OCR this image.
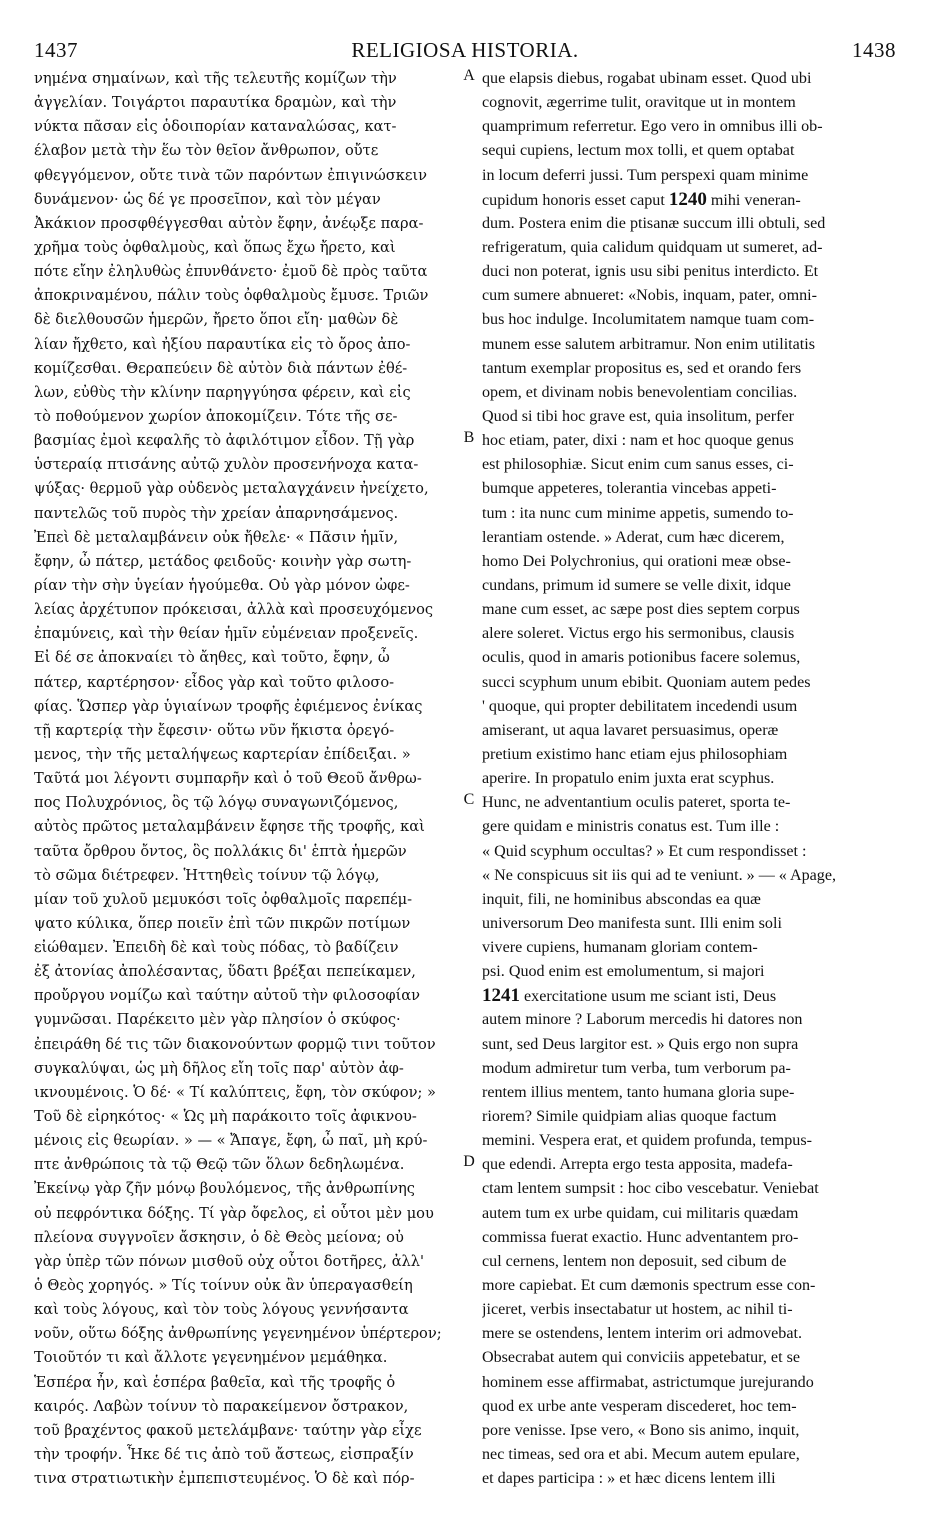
1437	RELIGIOSA HISTORIA.	1438
νημένα σημαίνων, καὶ τῆς τελευτῆς κομίζων τὴν
ἀγγελίαν. Τοιγάρτοι παραυτίκα δραμὼν, καὶ τὴν
νύκτα πᾶσαν εἰς ὁδοιπορίαν καταναλώσας, κατ-
έλαβον μετὰ τὴν ἕω τὸν θεῖον ἄνθρωπον, οὔτε
φθεγγόμενον, οὔτε τινὰ τῶν παρόντων ἐπιγινώσκειν
δυνάμενον· ὡς δέ γε προσεῖπον, καὶ τὸν μέγαν
Ἀκάκιον προσφθέγγεσθαι αὐτὸν ἔφην, ἀνέῳξε παρα-
χρῆμα τοὺς ὀφθαλμοὺς, καὶ ὅπως ἔχω ἤρετο, καὶ
πότε εἴην ἐληλυθὼς ἐπυνθάνετο· ἐμοῦ δὲ πρὸς ταῦτα
ἀποκριναμένου, πάλιν τοὺς ὀφθαλμοὺς ἔμυσε. Τριῶν
δὲ διελθουσῶν ἡμερῶν, ἤρετο ὅποι εἴη· μαθὼν δὲ
λίαν ἤχθετο, καὶ ἠξίου παραυτίκα εἰς τὸ ὄρος ἀπο-
κομίζεσθαι. Θεραπεύειν δὲ αὐτὸν διὰ πάντων ἐθέ-
λων, εὐθὺς τὴν κλίνην παρηγγύησα φέρειν, καὶ εἰς
τὸ ποθούμενον χωρίον ἀποκομίζειν. Τότε τῆς σε-
βασμίας ἐμοὶ κεφαλῆς τὸ ἀφιλότιμον εἶδον. Τῇ γὰρ
ὑστεραίᾳ πτισάνης αὐτῷ χυλὸν προσενήνοχα κατα-
ψύξας· θερμοῦ γὰρ οὐδενὸς μεταλαγχάνειν ἠνείχετο,
παντελῶς τοῦ πυρὸς τὴν χρείαν ἀπαρνησάμενος.
Ἐπεὶ δὲ μεταλαμβάνειν οὐκ ἤθελε· « Πᾶσιν ἡμῖν,
ἔφην, ὦ πάτερ, μετάδος φειδοῦς· κοινὴν γὰρ σωτη-
ρίαν τὴν σὴν ὑγείαν ἡγούμεθα. Οὐ γὰρ μόνον ὠφε-
λείας ἀρχέτυπον πρόκεισαι, ἀλλὰ καὶ προσευχόμενος
ἐπαμύνεις, καὶ τὴν θείαν ἡμῖν εὐμένειαν προξενεῖς.
Εἰ δέ σε ἀποκναίει τὸ ἄηθες, καὶ τοῦτο, ἔφην, ὦ
πάτερ, καρτέρησον· εἶδος γὰρ καὶ τοῦτο φιλοσο-
φίας. Ὥσπερ γὰρ ὑγιαίνων τροφῆς ἐφιέμενος ἐνίκας
τῇ καρτερίᾳ τὴν ἔφεσιν· οὕτω νῦν ἥκιστα ὀρεγό-
μενος, τὴν τῆς μεταλήψεως καρτερίαν ἐπίδειξαι. »
Ταῦτά μοι λέγοντι συμπαρῆν καὶ ὁ τοῦ Θεοῦ ἄνθρω-
πος Πολυχρόνιος, ὃς τῷ λόγῳ συναγωνιζόμενος,
αὐτὸς πρῶτος μεταλαμβάνειν ἔφησε τῆς τροφῆς, καὶ
ταῦτα ὄρθρου ὄντος, ὃς πολλάκις δι' ἑπτὰ ἡμερῶν
τὸ σῶμα διέτρεφεν. Ἡττηθεὶς τοίνυν τῷ λόγῳ,
μίαν τοῦ χυλοῦ μεμυκόσι τοῖς ὀφθαλμοῖς παρεπέμ-
ψατο κύλικα, ὅπερ ποιεῖν ἐπὶ τῶν πικρῶν ποτίμων
εἰώθαμεν. Ἐπειδὴ δὲ καὶ τοὺς πόδας, τὸ βαδίζειν
ἐξ ἀτονίας ἀπολέσαντας, ὕδατι βρέξαι πεπείκαμεν,
προὔργου νομίζω καὶ ταύτην αὐτοῦ τὴν φιλοσοφίαν
γυμνῶσαι. Παρέκειτο μὲν γὰρ πλησίον ὁ σκύφος·
ἐπειράθη δέ τις τῶν διακονούντων φορμῷ τινι τοῦτον
συγκαλύψαι, ὡς μὴ δῆλος εἴη τοῖς παρ' αὐτὸν ἀφ-
ικνουμένοις. Ὁ δέ· « Τί καλύπτεις, ἔφη, τὸν σκύφον; »
Τοῦ δὲ εἰρηκότος· « Ὡς μὴ παράκοιτο τοῖς ἀφικνου-
μένοις εἰς θεωρίαν. » — « Ἄπαγε, ἔφη, ὦ παῖ, μὴ κρύ-
πτε ἀνθρώποις τὰ τῷ Θεῷ τῶν ὅλων δεδηλωμένα.
Ἐκείνῳ γὰρ ζῆν μόνῳ βουλόμενος, τῆς ἀνθρωπίνης
οὐ πεφρόντικα δόξης. Τί γὰρ ὄφελος, εἰ οὗτοι μὲν μου
πλείονα συγγνοῖεν ἄσκησιν, ὁ δὲ Θεὸς μείονα; οὐ
γὰρ ὑπὲρ τῶν πόνων μισθοῦ οὐχ οὗτοι δοτῆρες, ἀλλ'
ὁ Θεὸς χορηγός. » Τίς τοίνυν οὐκ ἂν ὑπεραγασθείη
καὶ τοὺς λόγους, καὶ τὸν τοὺς λόγους γεννήσαντα
νοῦν, οὕτω δόξης ἀνθρωπίνης γεγενημένον ὑπέρτερον;
Τοιοῦτόν τι καὶ ἄλλοτε γεγενημένον μεμάθηκα.
Ἑσπέρα ἦν, καὶ ἑσπέρα βαθεῖα, καὶ τῆς τροφῆς ὁ
καιρός. Λαβὼν τοίνυν τὸ παρακείμενον ὄστρακον,
τοῦ βραχέντος φακοῦ μετελάμβανε· ταύτην γὰρ εἶχε
τὴν τροφήν. Ἧκε δέ τις ἀπὸ τοῦ ἄστεως, εἰσπραξίν
τινα στρατιωτικὴν ἐμπεπιστευμένος. Ὁ δὲ καὶ πόρ-
A
B
C
D
que elapsis diebus, rogabat ubinam esset. Quod ubi
cognovit, ægerrime tulit, oravitque ut in montem
quamprimum referretur. Ego vero in omnibus illi ob-
sequi cupiens, lectum mox tolli, et quem optabat
in locum deferri jussi. Tum perspexi quam minime
cupidum honoris esset caput 1240 mihi veneran-
dum. Postera enim die ptisanæ succum illi obtuli, sed
refrigeratum, quia calidum quidquam ut sumeret, ad-
duci non poterat, ignis usu sibi penitus interdicto. Et
cum sumere abnueret: «Nobis, inquam, pater, omni-
bus hoc indulge. Incolumitatem namque tuam com-
munem esse salutem arbitramur. Non enim utilitatis
tantum exemplar propositus es, sed et orando fers
opem, et divinam nobis benevolentiam concilias.
Quod si tibi hoc grave est, quia insolitum, perfer
hoc etiam, pater, dixi : nam et hoc quoque genus
est philosophiæ. Sicut enim cum sanus esses, ci-
bumque appeteres, tolerantia vincebas appeti-
tum : ita nunc cum minime appetis, sumendo to-
lerantiam ostende. » Aderat, cum hæc dicerem,
homo Dei Polychronius, qui orationi meæ obse-
cundans, primum id sumere se velle dixit, idque
mane cum esset, ac sæpe post dies septem corpus
alere soleret. Victus ergo his sermonibus, clausis
oculis, quod in amaris potionibus facere solemus,
succi scyphum unum ebibit. Quoniam autem pedes
' quoque, qui propter debilitatem incedendi usum
amiserant, ut aqua lavaret persuasimus, operæ
pretium existimo hanc etiam ejus philosophiam
aperire. In propatulo enim juxta erat scyphus.
Hunc, ne adventantium oculis pateret, sporta te-
gere quidam e ministris conatus est. Tum ille :
« Quid scyphum occultas? » Et cum respondisset :
« Ne conspicuus sit iis qui ad te veniunt. » — « Apage,
inquit, fili, ne hominibus abscondas ea quæ
universorum Deo manifesta sunt. Illi enim soli
vivere cupiens, humanam gloriam contem-
psi. Quod enim est emolumentum, si majori
1241 exercitatione usum me sciant isti, Deus
autem minore ? Laborum mercedis hi datores non
sunt, sed Deus largitor est. » Quis ergo non supra
modum admiretur tum verba, tum verborum pa-
rentem illius mentem, tanto humana gloria supe-
riorem? Simile quidpiam alias quoque factum
memini. Vespera erat, et quidem profunda, tempus-
que edendi. Arrepta ergo testa apposita, madefa-
ctam lentem sumpsit : hoc cibo vescebatur. Veniebat
autem tum ex urbe quidam, cui militaris quædam
commissa fuerat exactio. Hunc adventantem pro-
cul cernens, lentem non deposuit, sed cibum de
more capiebat. Et cum dæmonis spectrum esse con-
jiceret, verbis insectabatur ut hostem, ac nihil ti-
mere se ostendens, lentem interim ori admovebat.
Obsecrabat autem qui conviciis appetebatur, et se
hominem esse affirmabat, astrictumque jurejurando
quod ex urbe ante vesperam discederet, hoc tem-
pore venisse. Ipse vero, « Bono sis animo, inquit,
nec timeas, sed ora et abi. Mecum autem epulare,
et dapes participa : » et hæc dicens lentem illi
